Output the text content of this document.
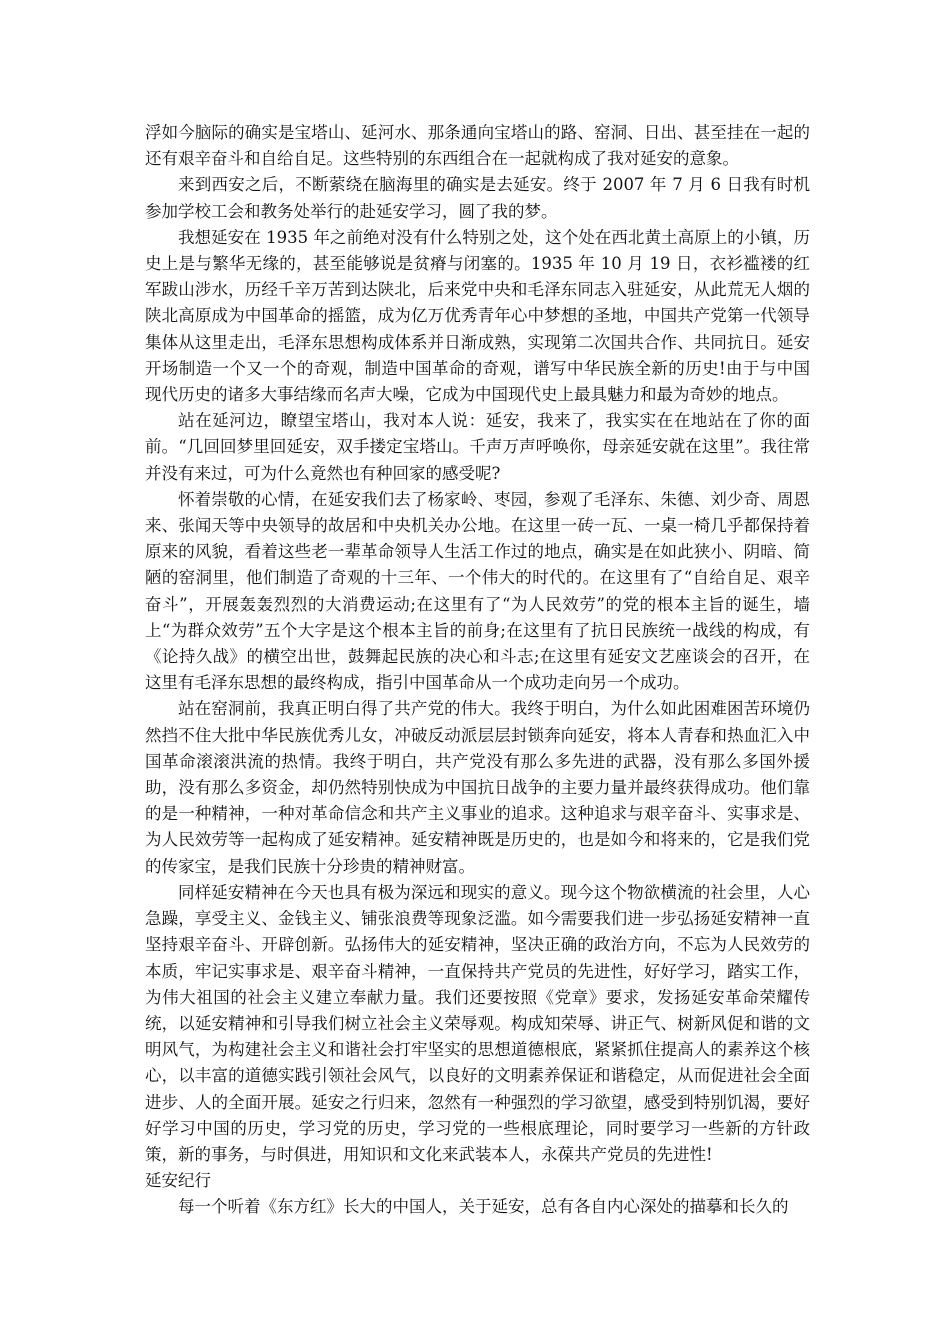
浮如今脑际的确实是宝塔山、延河水、那条通向宝塔山的路、窑洞、日出、甚至挂在一起的还有艰辛奋斗和自给自足。这些特别的东西组合在一起就构成了我对延安的意象。

来到西安之后，不断萦绕在脑海里的确实是去延安。终于 2007 年 7 月 6 日我有时机参加学校工会和教务处举行的赴延安学习，圆了我的梦。

我想延安在 1935 年之前绝对没有什么特别之处，这个处在西北黄土高原上的小镇，历史上是与繁华无缘的，甚至能够说是贫瘠与闭塞的。1935 年 10 月 19 日，衣衫褴褛的红军跋山涉水，历经千辛万苦到达陕北，后来党中央和毛泽东同志入驻延安，从此荒无人烟的陕北高原成为中国革命的摇篮，成为亿万优秀青年心中梦想的圣地，中国共产党第一代领导集体从这里走出，毛泽东思想构成体系并日渐成熟，实现第二次国共合作、共同抗日。延安开场制造一个又一个的奇观，制造中国革命的奇观，谱写中华民族全新的历史!由于与中国现代历史的诸多大事结缘而名声大噪，它成为中国现代史上最具魅力和最为奇妙的地点。

站在延河边，瞭望宝塔山，我对本人说：延安，我来了，我实实在在地站在了你的面前。“几回回梦里回延安，双手搂定宝塔山。千声万声呼唤你，母亲延安就在这里”。我往常并没有来过，可为什么竟然也有种回家的感受呢?

怀着崇敬的心情，在延安我们去了杨家岭、枣园，参观了毛泽东、朱德、刘少奇、周恩来、张闻天等中央领导的故居和中央机关办公地。在这里一砖一瓦、一桌一椅几乎都保持着原来的风貌，看着这些老一辈革命领导人生活工作过的地点，确实是在如此狭小、阴暗、简陋的窑洞里，他们制造了奇观的十三年、一个伟大的时代的。在这里有了“自给自足、艰辛奋斗”，开展轰轰烈烈的大消费运动;在这里有了“为人民效劳”的党的根本主旨的诞生，墙上“为群众效劳”五个大字是这个根本主旨的前身;在这里有了抗日民族统一战线的构成，有《论持久战》的横空出世，鼓舞起民族的决心和斗志;在这里有延安文艺座谈会的召开，在这里有毛泽东思想的最终构成，指引中国革命从一个成功走向另一个成功。

站在窑洞前，我真正明白得了共产党的伟大。我终于明白，为什么如此困难困苦环境仍然挡不住大批中华民族优秀儿女，冲破反动派层层封锁奔向延安，将本人青春和热血汇入中国革命滚滚洪流的热情。我终于明白，共产党没有那么多先进的武器，没有那么多国外援助，没有那么多资金，却仍然特别快成为中国抗日战争的主要力量并最终获得成功。他们靠的是一种精神，一种对革命信念和共产主义事业的追求。这种追求与艰辛奋斗、实事求是、为人民效劳等一起构成了延安精神。延安精神既是历史的，也是如今和将来的，它是我们党的传家宝，是我们民族十分珍贵的精神财富。

同样延安精神在今天也具有极为深远和现实的意义。现今这个物欲横流的社会里，人心急躁，享受主义、金钱主义、铺张浪费等现象泛滥。如今需要我们进一步弘扬延安精神一直坚持艰辛奋斗、开辟创新。弘扬伟大的延安精神，坚决正确的政治方向，不忘为人民效劳的本质，牢记实事求是、艰辛奋斗精神，一直保持共产党员的先进性，好好学习，踏实工作，为伟大祖国的社会主义建立奉献力量。我们还要按照《党章》要求，发扬延安革命荣耀传统，以延安精神和引导我们树立社会主义荣辱观。构成知荣辱、讲正气、树新风促和谐的文明风气，为构建社会主义和谐社会打牢坚实的思想道德根底，紧紧抓住提高人的素养这个核心，以丰富的道德实践引领社会风气，以良好的文明素养保证和谐稳定，从而促进社会全面进步、人的全面开展。延安之行归来，忽然有一种强烈的学习欲望，感受到特别饥渴，要好好学习中国的历史，学习党的历史，学习党的一些根底理论，同时要学习一些新的方针政策，新的事务，与时俱进，用知识和文化来武装本人，永葆共产党员的先进性!

延安纪行

每一个听着《东方红》长大的中国人，关于延安，总有各自内心深处的描摹和长久的
